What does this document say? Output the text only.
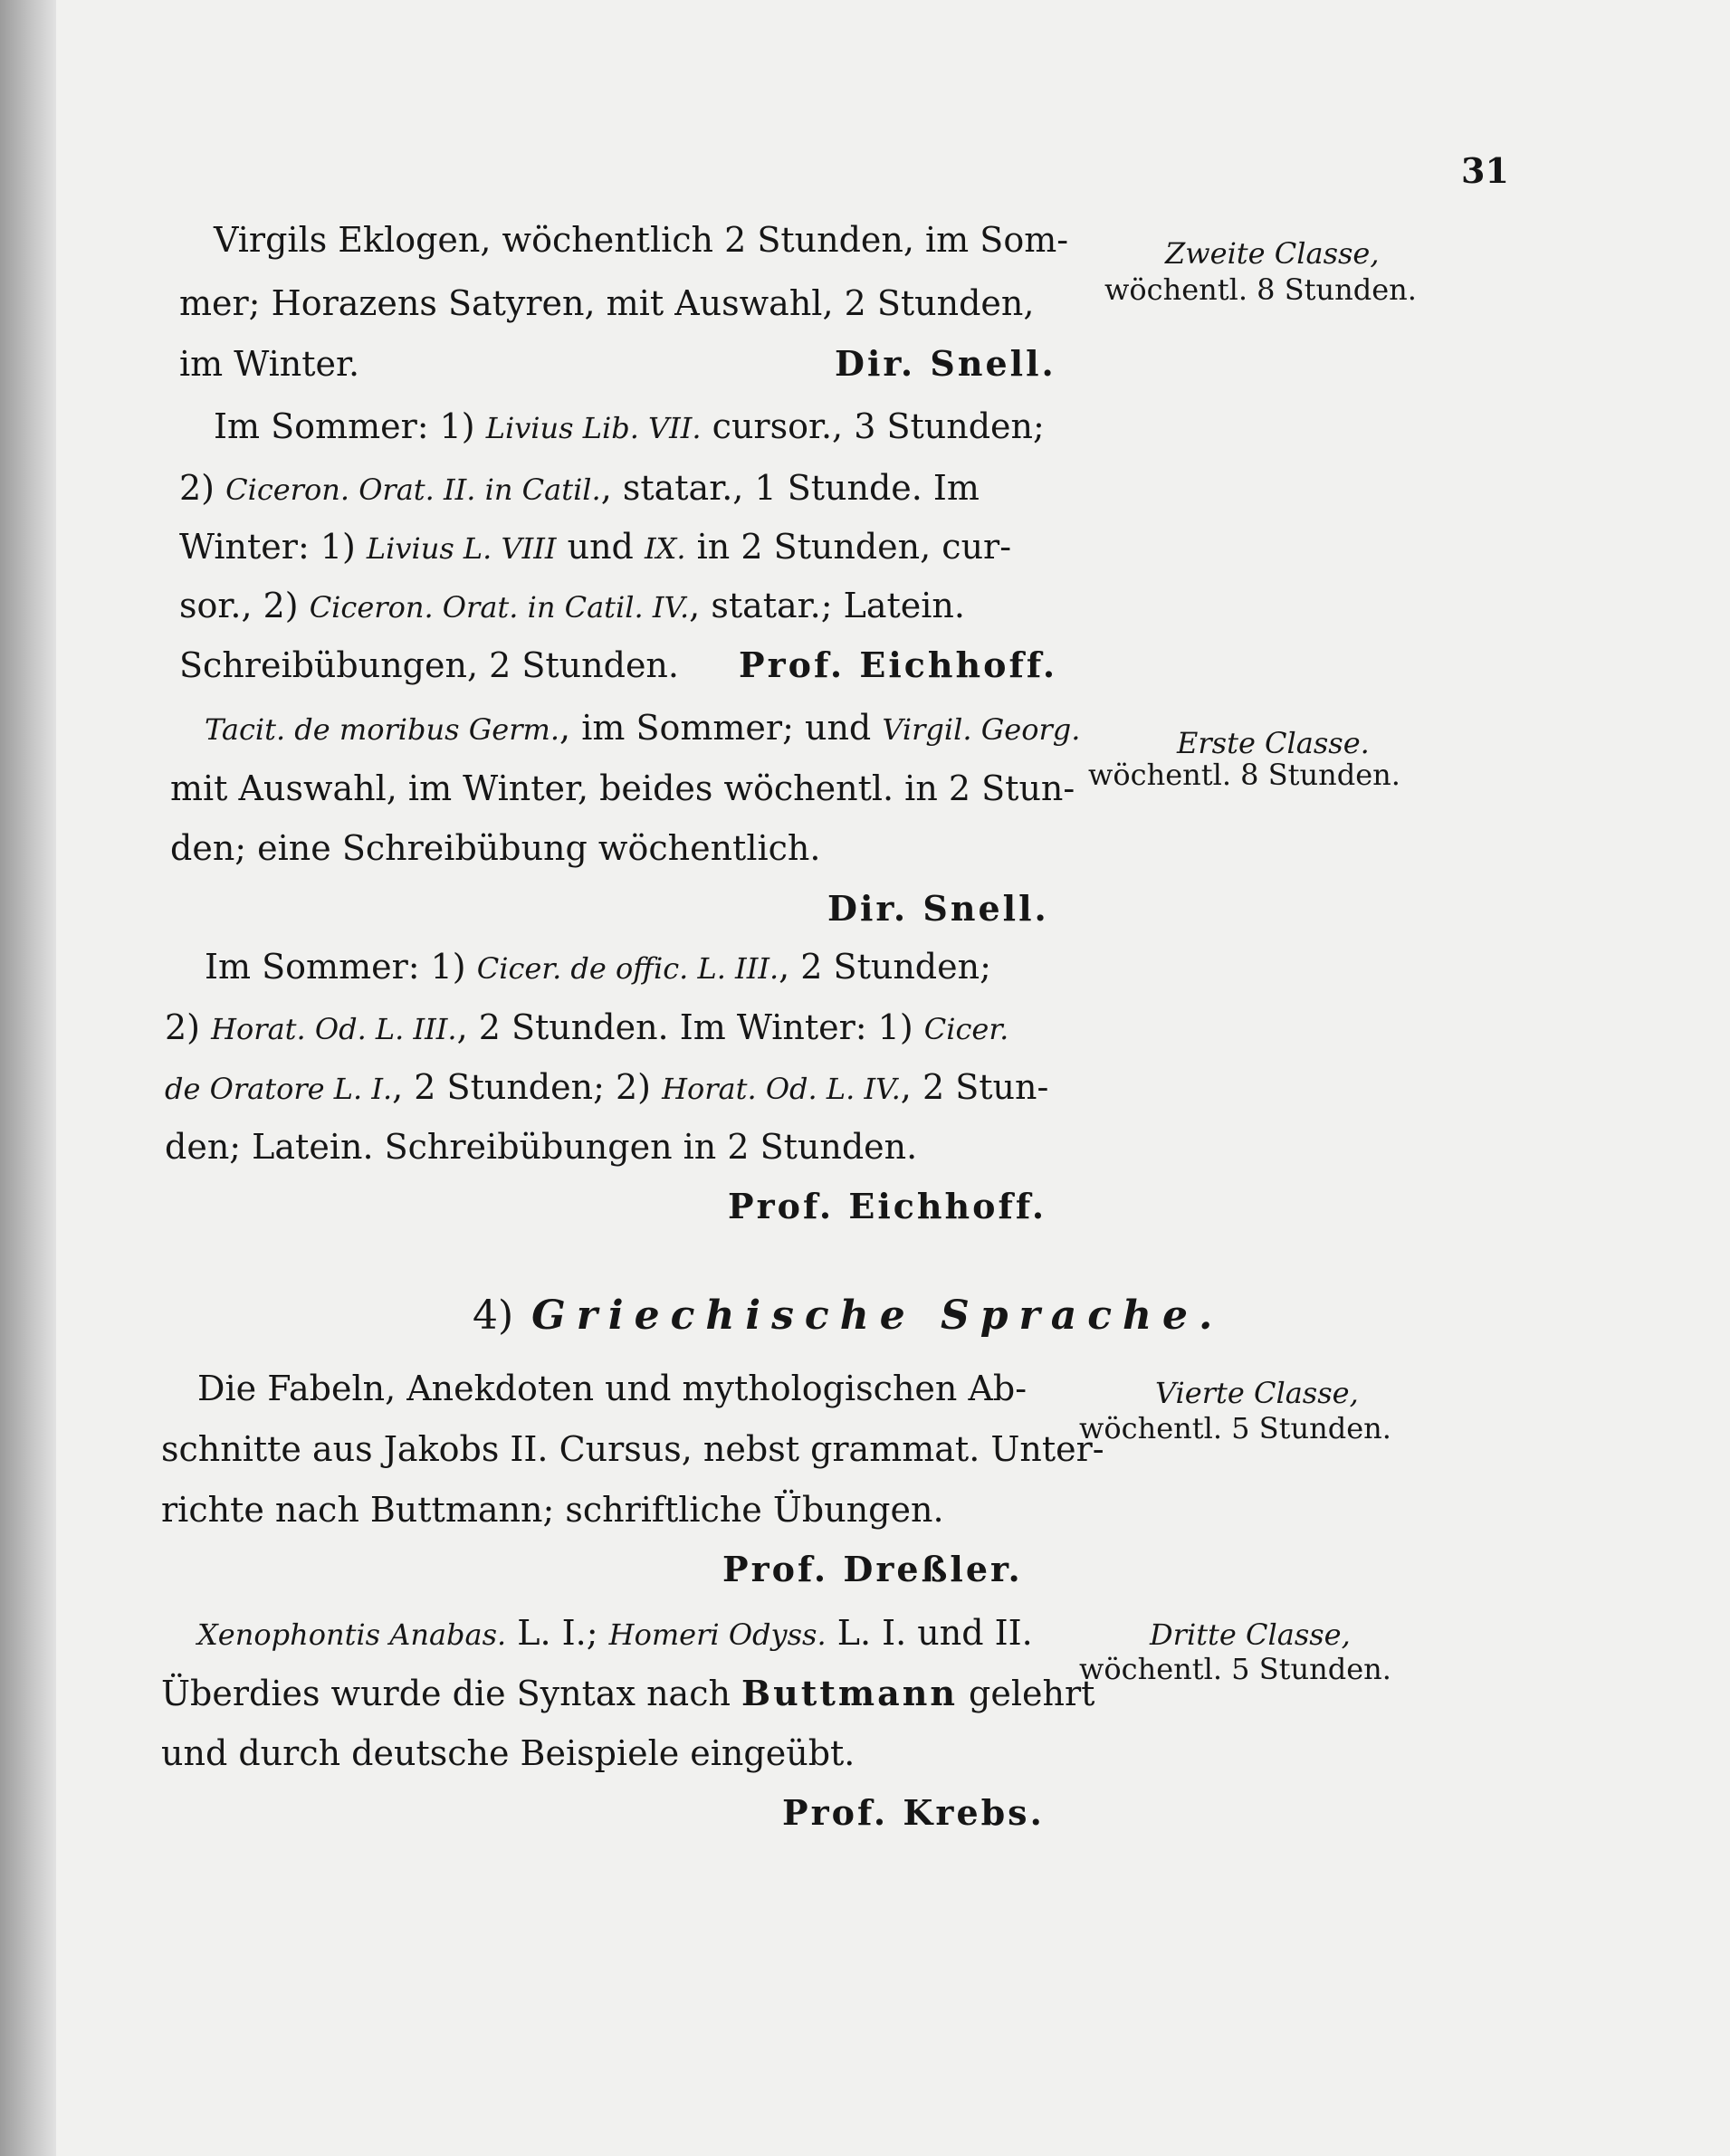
31
Virgils Eklogen, wöchentlich 2 Stunden, im Som-
mer; Horazens Satyren, mit Auswahl, 2 Stunden,
im Winter.	Dir. Snell.
Zweite Classe,
wöchentl. 8 Stunden.
Im Sommer: 1) Livius Lib. VII. cursor., 3 Stunden;
2) Ciceron. Orat. II. in Catil., statar., 1 Stunde. Im
Winter: 1) Livius L. VIII und IX. in 2 Stunden, cur-
sor., 2) Ciceron. Orat. in Catil. IV., statar.; Latein.
Schreibübungen, 2 Stunden. Prof. Eichhoff.
Tacit. de moribus Germ., im Sommer; und Virgil. Georg.
mit Auswahl, im Winter, beides wöchentl. in 2 Stun-
den; eine Schreibübung wöchentlich.
Dir. Snell.
Erste Classe.
wöchentl. 8 Stunden.
Im Sommer: 1) Cicer. de offic. L. III., 2 Stunden;
2) Horat. Od. L. III., 2 Stunden. Im Winter: 1) Cicer.
de Oratore L. I., 2 Stunden; 2) Horat. Od. L. IV., 2 Stun-
den; Latein. Schreibübungen in 2 Stunden.
Prof. Eichhoff.
4) Griechische Sprache.
Die Fabeln, Anekdoten und mythologischen Ab-
schnitte aus Jakobs II. Cursus, nebst grammat. Unter-
richte nach Buttmann; schriftliche Übungen.
Prof. Dreßler.
Vierte Classe,
wöchentl. 5 Stunden.
Xenophontis Anabas. L. I.; Homeri Odyss. L. I. und II.
Überdies wurde die Syntax nach Buttmann gelehrt
und durch deutsche Beispiele eingeübt.
Prof. Krebs.
Dritte Classe,
wöchentl. 5 Stunden.
